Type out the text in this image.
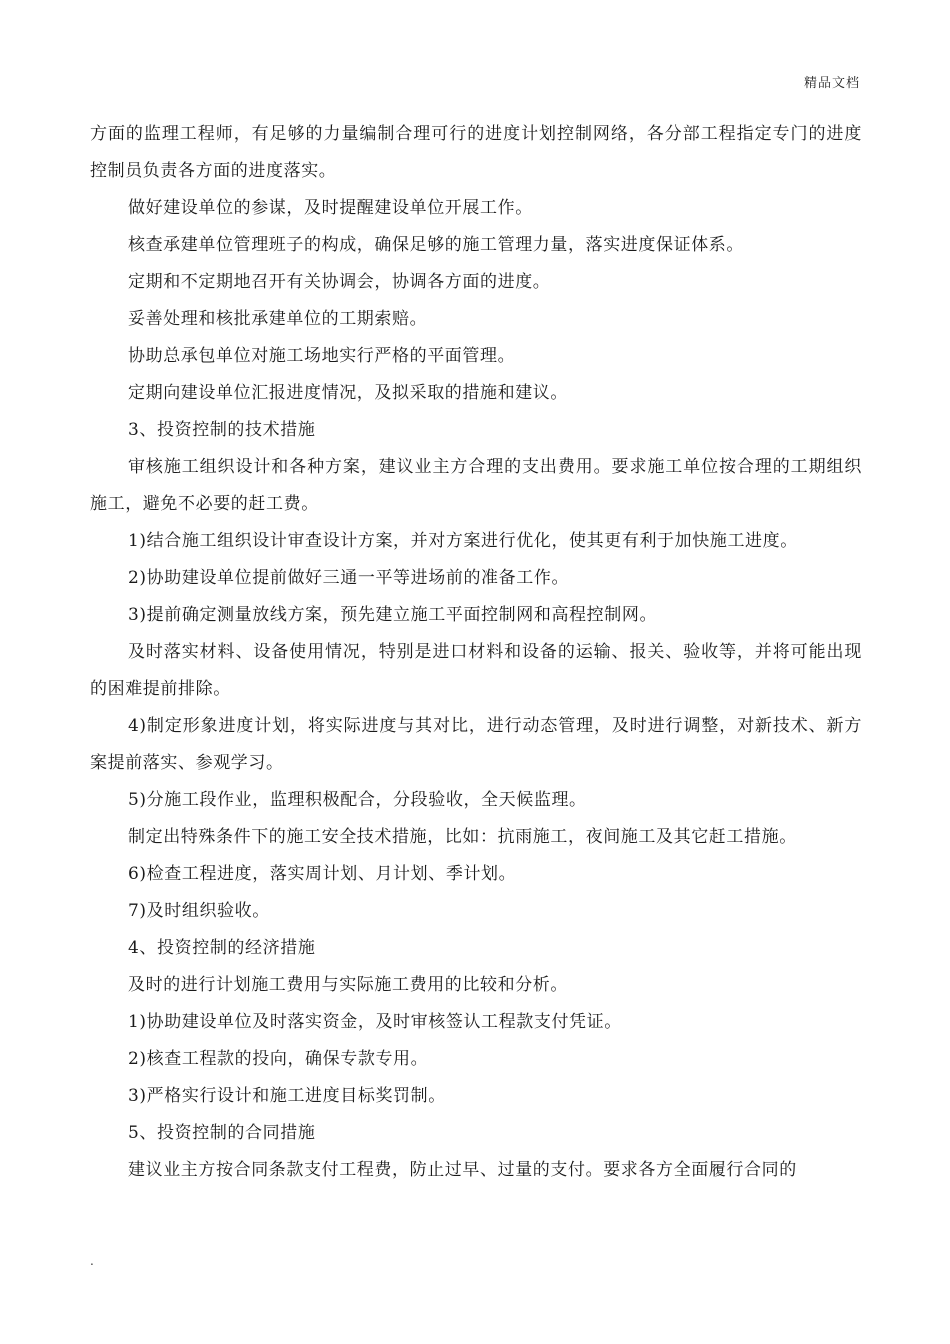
精品文档

方面的监理工程师，有足够的力量编制合理可行的进度计划控制网络，各分部工程指定专门的进度控制员负责各方面的进度落实。

做好建设单位的参谋，及时提醒建设单位开展工作。

核查承建单位管理班子的构成，确保足够的施工管理力量，落实进度保证体系。

定期和不定期地召开有关协调会，协调各方面的进度。

妥善处理和核批承建单位的工期索赔。

协助总承包单位对施工场地实行严格的平面管理。

定期向建设单位汇报进度情况，及拟采取的措施和建议。

3、投资控制的技术措施

审核施工组织设计和各种方案，建议业主方合理的支出费用。要求施工单位按合理的工期组织施工，避免不必要的赶工费。

1)结合施工组织设计审查设计方案，并对方案进行优化，使其更有利于加快施工进度。

2)协助建设单位提前做好三通一平等进场前的准备工作。

3)提前确定测量放线方案，预先建立施工平面控制网和高程控制网。

及时落实材料、设备使用情况，特别是进口材料和设备的运输、报关、验收等，并将可能出现的困难提前排除。

4)制定形象进度计划，将实际进度与其对比，进行动态管理，及时进行调整，对新技术、新方案提前落实、参观学习。

5)分施工段作业，监理积极配合，分段验收，全天候监理。

制定出特殊条件下的施工安全技术措施，比如：抗雨施工，夜间施工及其它赶工措施。

6)检查工程进度，落实周计划、月计划、季计划。

7)及时组织验收。

4、投资控制的经济措施

及时的进行计划施工费用与实际施工费用的比较和分析。

1)协助建设单位及时落实资金，及时审核签认工程款支付凭证。

2)核查工程款的投向，确保专款专用。

3)严格实行设计和施工进度目标奖罚制。

5、投资控制的合同措施

建议业主方按合同条款支付工程费，防止过早、过量的支付。要求各方全面履行合同的

.
